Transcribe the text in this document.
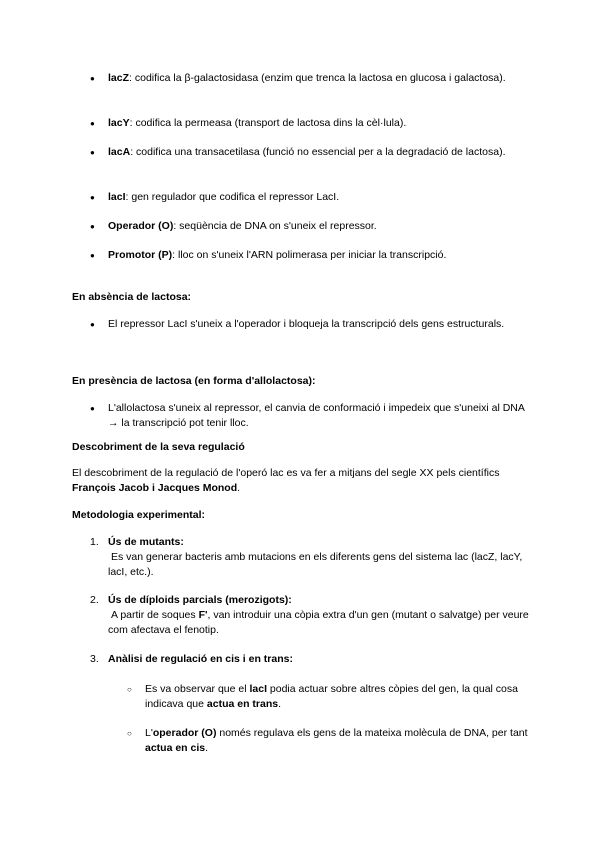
● lacZ: codifica la β-galactosidasa (enzim que trenca la lactosa en glucosa i galactosa).

● lacY: codifica la permeasa (transport de lactosa dins la cèl·lula).

● lacA: codifica una transacetilasa (funció no essencial per a la degradació de lactosa).

● lacI: gen regulador que codifica el repressor LacI.

● Operador (O): seqüència de DNA on s'uneix el repressor.

● Promotor (P): lloc on s'uneix l'ARN polimerasa per iniciar la transcripció.

En absència de lactosa:

● El repressor LacI s'uneix a l'operador i bloqueja la transcripció dels gens estructurals.

En presència de lactosa (en forma d'allolactosa):

● L'allolactosa s'uneix al repressor, el canvia de conformació i impedeix que s'uneixi al DNA → la transcripció pot tenir lloc.

Descobriment de la seva regulació

El descobriment de la regulació de l'operó lac es va fer a mitjans del segle XX pels científics François Jacob i Jacques Monod.

Metodologia experimental:

1. Ús de mutants:

Es van generar bacteris amb mutacions en els diferents gens del sistema lac (lacZ, lacY, lacI, etc.).

2. Ús de díploids parcials (merozigots):

A partir de soques F', van introduir una còpia extra d'un gen (mutant o salvatge) per veure com afectava el fenotip.

3. Anàlisi de regulació en cis i en trans:

○ Es va observar que el lacI podia actuar sobre altres còpies del gen, la qual cosa indicava que actua en trans.

○ L'operador (O) només regulava els gens de la mateixa molècula de DNA, per tant actua en cis.
